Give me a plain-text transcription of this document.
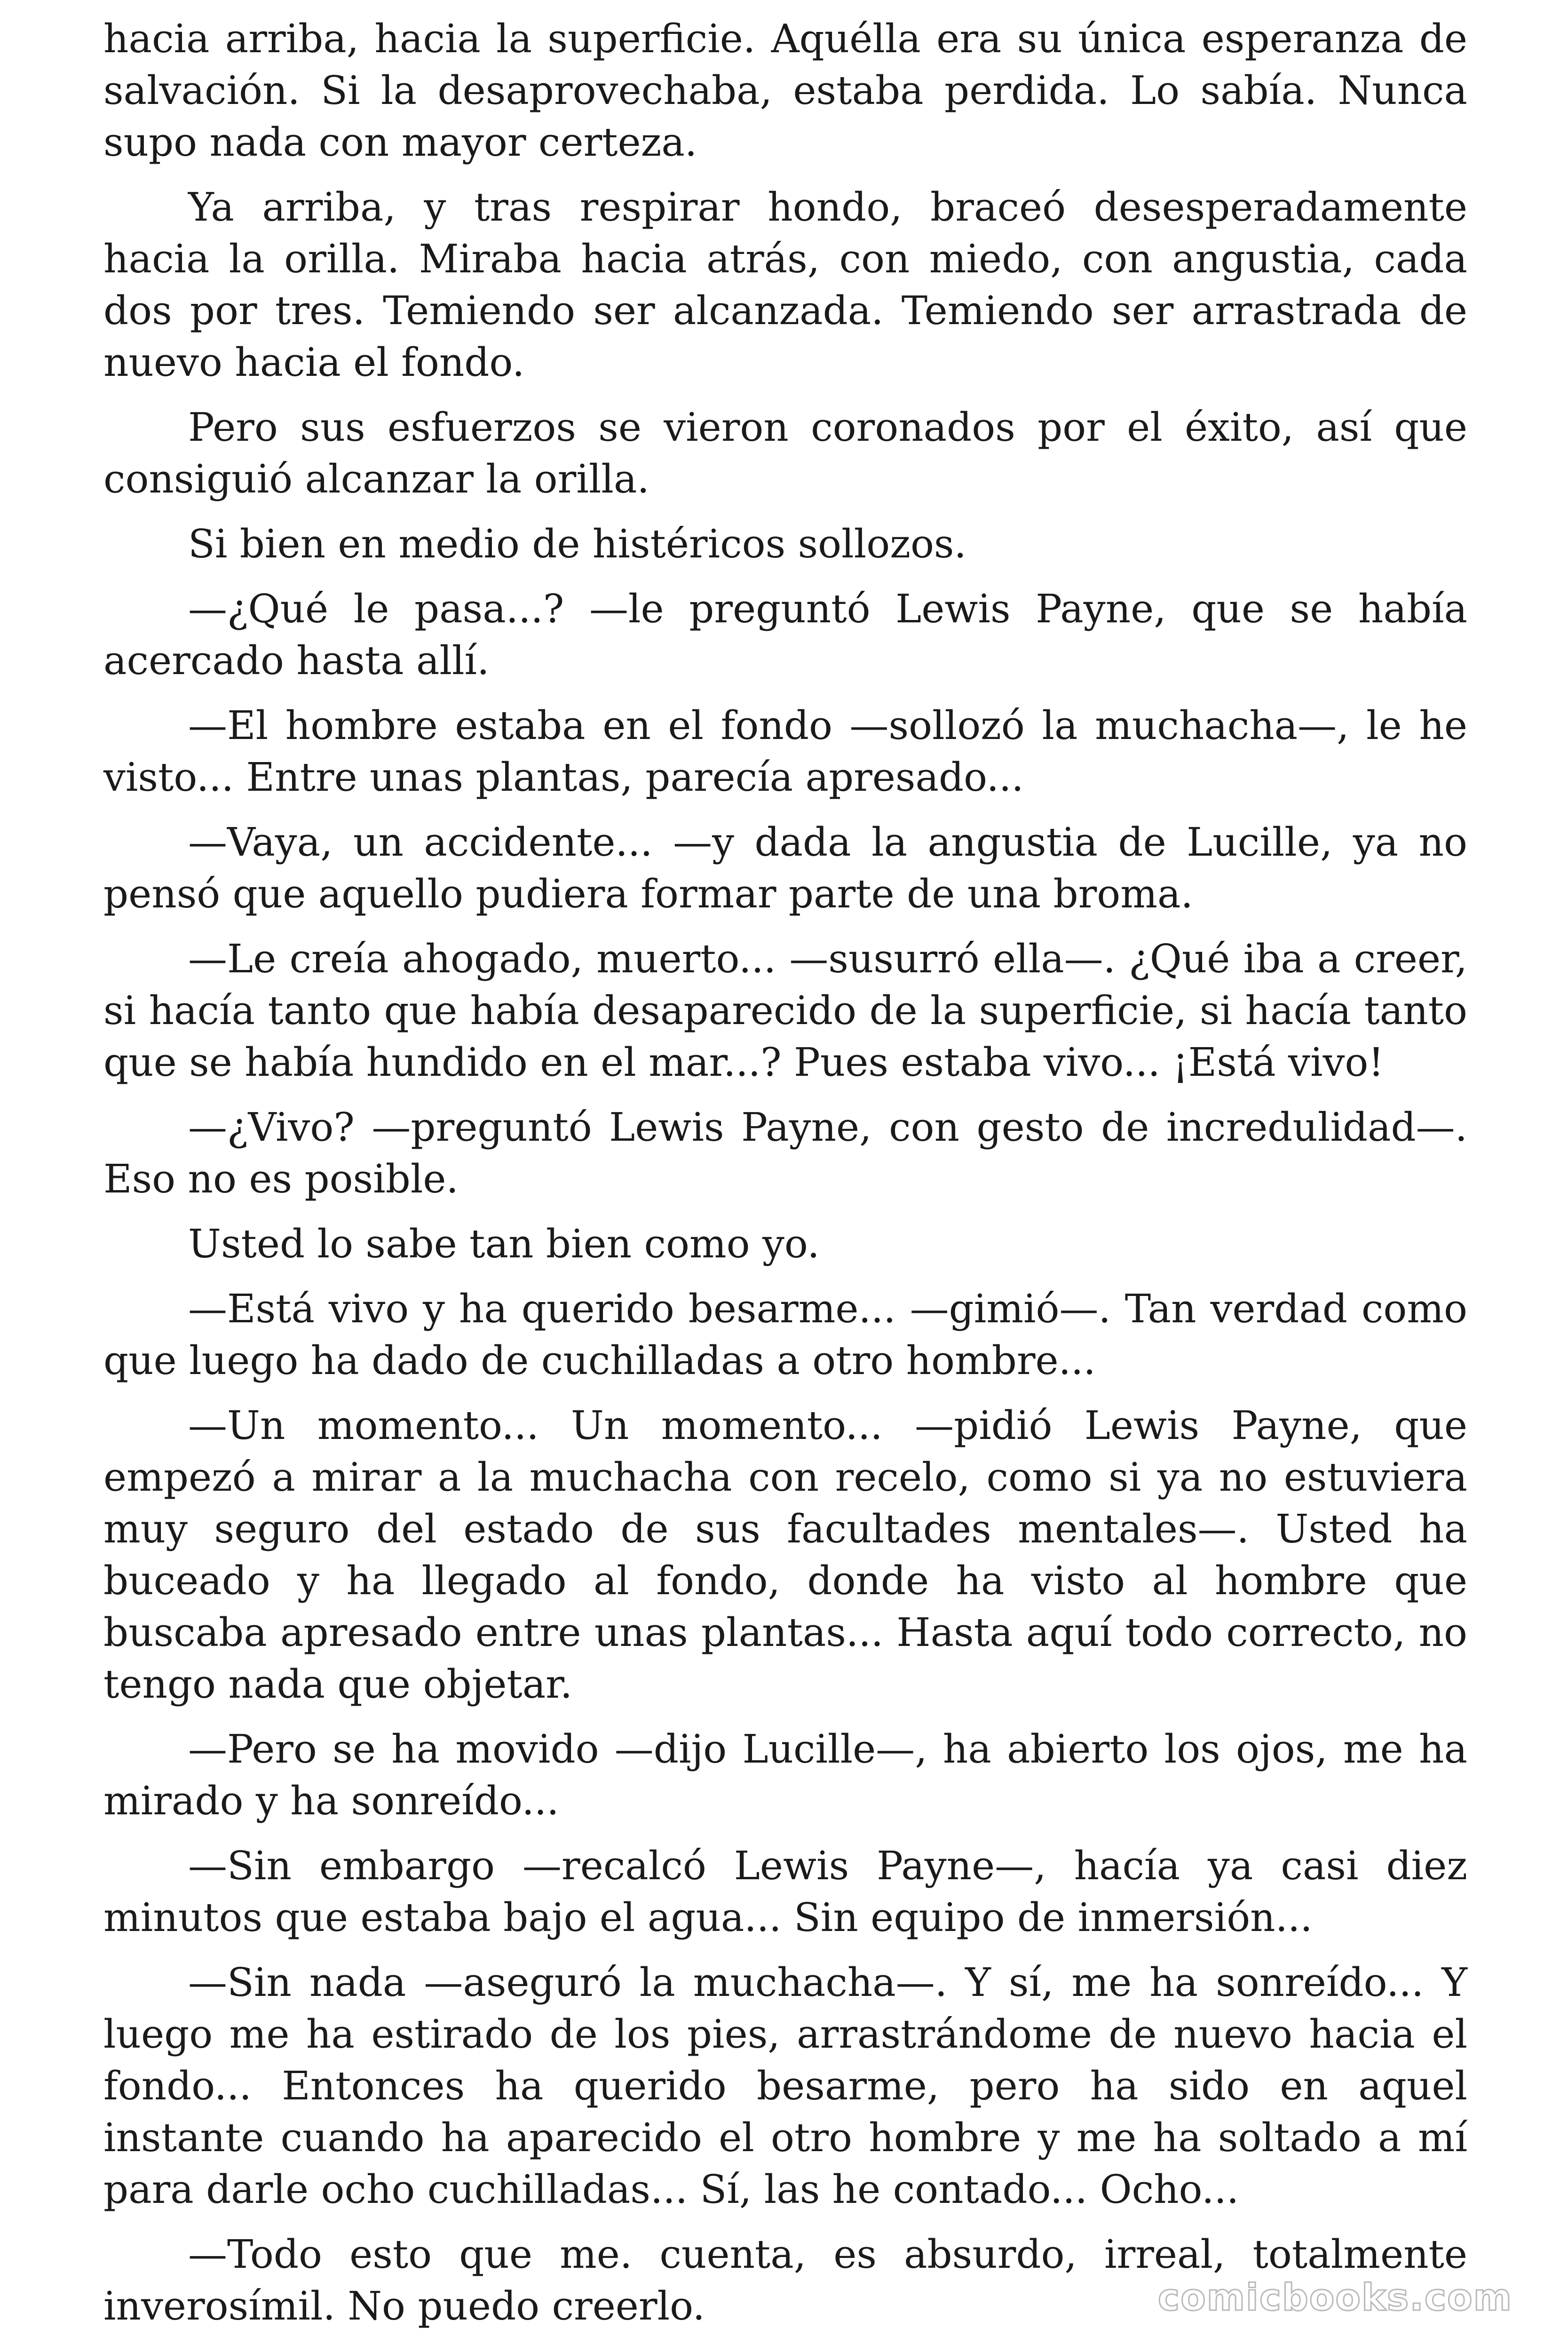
hacia arriba, hacia la superficie. Aquélla era su única esperanza de salvación. Si la desaprovechaba, estaba perdida. Lo sabía. Nunca supo nada con mayor certeza.

Ya arriba, y tras respirar hondo, braceó desesperadamente hacia la orilla. Miraba hacia atrás, con miedo, con angustia, cada dos por tres. Temiendo ser alcanzada. Temiendo ser arrastrada de nuevo hacia el fondo.

Pero sus esfuerzos se vieron coronados por el éxito, así que consiguió alcanzar la orilla.

Si bien en medio de histéricos sollozos.

—¿Qué le pasa...? —le preguntó Lewis Payne, que se había acercado hasta allí.

—El hombre estaba en el fondo —sollozó la muchacha—, le he visto... Entre unas plantas, parecía apresado...

—Vaya, un accidente... —y dada la angustia de Lucille, ya no pensó que aquello pudiera formar parte de una broma.

—Le creía ahogado, muerto... —susurró ella—. ¿Qué iba a creer, si hacía tanto que había desaparecido de la superficie, si hacía tanto que se había hundido en el mar...? Pues estaba vivo... ¡Está vivo!

—¿Vivo? —preguntó Lewis Payne, con gesto de incredulidad—. Eso no es posible.

Usted lo sabe tan bien como yo.

—Está vivo y ha querido besarme... —gimió—. Tan verdad como que luego ha dado de cuchilladas a otro hombre...

—Un momento... Un momento... —pidió Lewis Payne, que empezó a mirar a la muchacha con recelo, como si ya no estuviera muy seguro del estado de sus facultades mentales—. Usted ha buceado y ha llegado al fondo, donde ha visto al hombre que buscaba apresado entre unas plantas... Hasta aquí todo correcto, no tengo nada que objetar.

—Pero se ha movido —dijo Lucille—, ha abierto los ojos, me ha mirado y ha sonreído...

—Sin embargo —recalcó Lewis Payne—, hacía ya casi diez minutos que estaba bajo el agua... Sin equipo de inmersión...

—Sin nada —aseguró la muchacha—. Y sí, me ha sonreído... Y luego me ha estirado de los pies, arrastrándome de nuevo hacia el fondo... Entonces ha querido besarme, pero ha sido en aquel instante cuando ha aparecido el otro hombre y me ha soltado a mí para darle ocho cuchilladas... Sí, las he contado... Ocho...

—Todo esto que me. cuenta, es absurdo, irreal, totalmente inverosímil. No puedo creerlo.	comicbooks.com
